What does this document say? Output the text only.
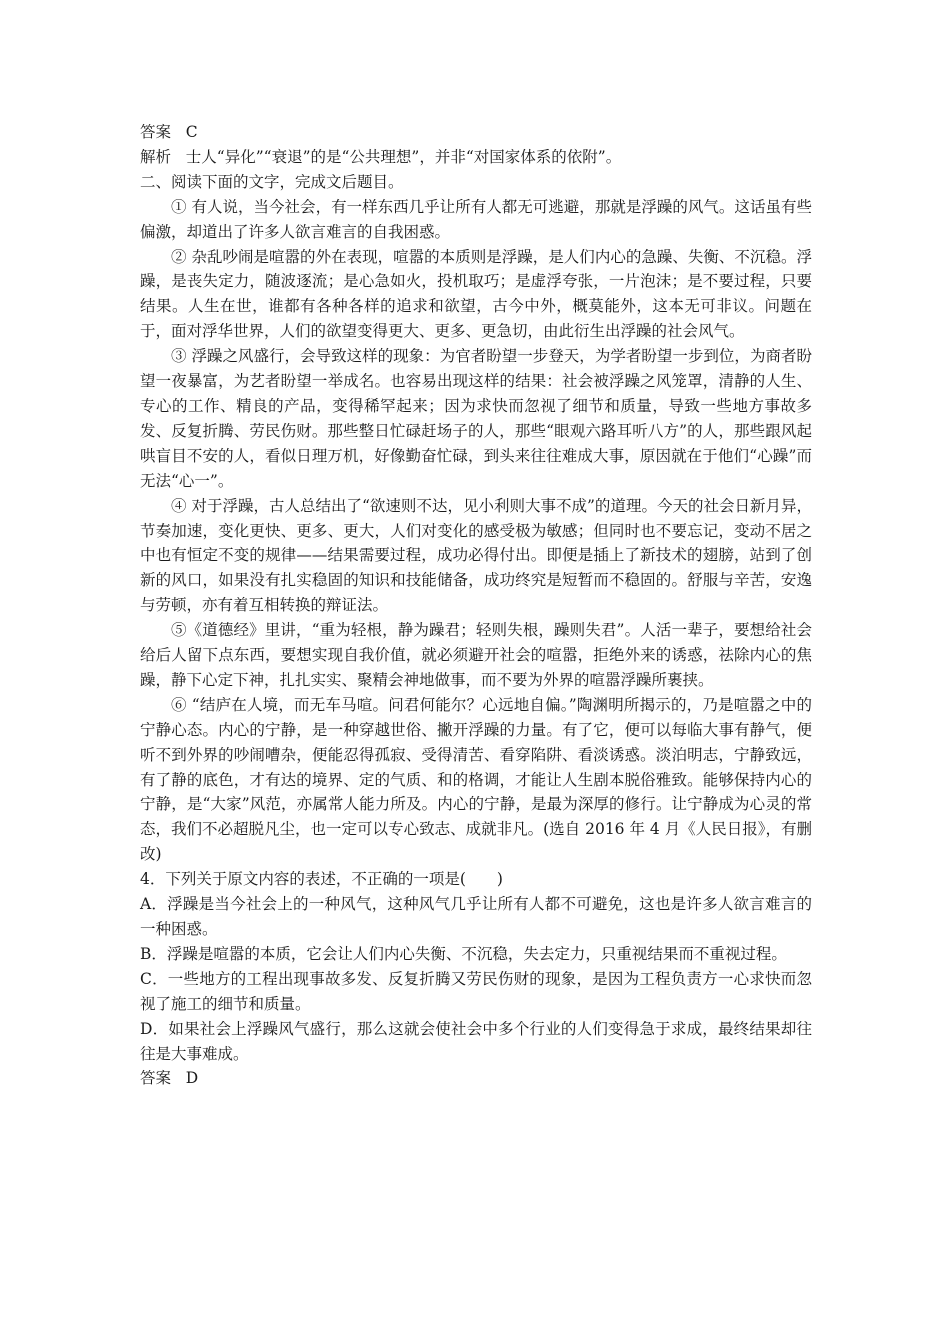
答案 C

解析 士人“异化”“衰退”的是“公共理想”，并非“对国家体系的依附”。

二、阅读下面的文字，完成文后题目。

① 有人说，当今社会，有一样东西几乎让所有人都无可逃避，那就是浮躁的风气。这话虽有些偏激，却道出了许多人欲言难言的自我困惑。

② 杂乱吵闹是喧嚣的外在表现，喧嚣的本质则是浮躁，是人们内心的急躁、失衡、不沉稳。浮躁，是丧失定力，随波逐流；是心急如火，投机取巧；是虚浮夸张，一片泡沫；是不要过程，只要结果。人生在世，谁都有各种各样的追求和欲望，古今中外，概莫能外，这本无可非议。问题在于，面对浮华世界，人们的欲望变得更大、更多、更急切，由此衍生出浮躁的社会风气。

③ 浮躁之风盛行，会导致这样的现象：为官者盼望一步登天，为学者盼望一步到位，为商者盼望一夜暴富，为艺者盼望一举成名。也容易出现这样的结果：社会被浮躁之风笼罩，清静的人生、专心的工作、精良的产品，变得稀罕起来；因为求快而忽视了细节和质量，导致一些地方事故多发、反复折腾、劳民伤财。那些整日忙碌赶场子的人，那些“眼观六路耳听八方”的人，那些跟风起哄盲目不安的人，看似日理万机，好像勤奋忙碌，到头来往往难成大事，原因就在于他们“心躁”而无法“心一”。

④ 对于浮躁，古人总结出了“欲速则不达，见小利则大事不成”的道理。今天的社会日新月异，节奏加速，变化更快、更多、更大，人们对变化的感受极为敏感；但同时也不要忘记，变动不居之中也有恒定不变的规律——结果需要过程，成功必得付出。即便是插上了新技术的翅膀，站到了创新的风口，如果没有扎实稳固的知识和技能储备，成功终究是短暂而不稳固的。舒服与辛苦，安逸与劳顿，亦有着互相转换的辩证法。

⑤《道德经》里讲，“重为轻根，静为躁君；轻则失根，躁则失君”。人活一辈子，要想给社会给后人留下点东西，要想实现自我价值，就必须避开社会的喧嚣，拒绝外来的诱惑，祛除内心的焦躁，静下心定下神，扎扎实实、聚精会神地做事，而不要为外界的喧嚣浮躁所裹挟。

⑥ “结庐在人境，而无车马喧。问君何能尔？心远地自偏。”陶渊明所揭示的，乃是喧嚣之中的宁静心态。内心的宁静，是一种穿越世俗、撇开浮躁的力量。有了它，便可以每临大事有静气，便听不到外界的吵闹嘈杂，便能忍得孤寂、受得清苦、看穿陷阱、看淡诱惑。淡泊明志，宁静致远，有了静的底色，才有达的境界、定的气质、和的格调，才能让人生剧本脱俗雅致。能够保持内心的宁静，是“大家”风范，亦属常人能力所及。内心的宁静，是最为深厚的修行。让宁静成为心灵的常态，我们不必超脱凡尘，也一定可以专心致志、成就非凡。(选自 2016 年 4 月《人民日报》，有删改)

4．下列关于原文内容的表述，不正确的一项是(　　)

A．浮躁是当今社会上的一种风气，这种风气几乎让所有人都不可避免，这也是许多人欲言难言的一种困惑。

B．浮躁是喧嚣的本质，它会让人们内心失衡、不沉稳，失去定力，只重视结果而不重视过程。

C．一些地方的工程出现事故多发、反复折腾又劳民伤财的现象，是因为工程负责方一心求快而忽视了施工的细节和质量。

D．如果社会上浮躁风气盛行，那么这就会使社会中多个行业的人们变得急于求成，最终结果却往往是大事难成。

答案 D
